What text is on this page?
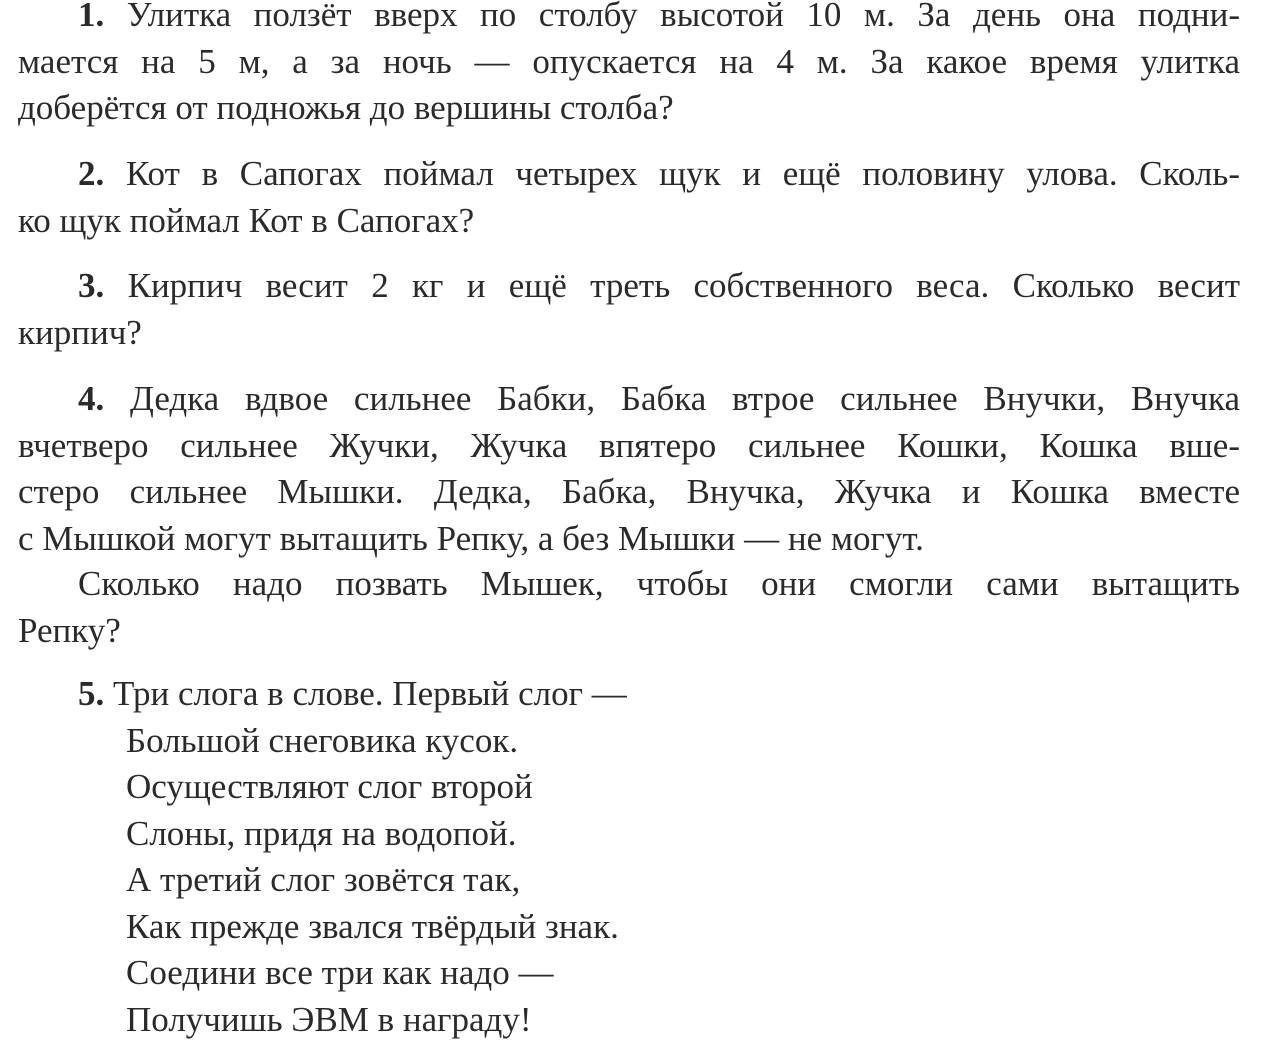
1. Улитка ползёт вверх по столбу высотой 10 м. За день она подни-
мается на 5 м, а за ночь — опускается на 4 м. За какое время улитка
доберётся от подножья до вершины столба?
2. Кот в Сапогах поймал четырех щук и ещё половину улова. Сколь-
ко щук поймал Кот в Сапогах?
3. Кирпич весит 2 кг и ещё треть собственного веса. Сколько весит
кирпич?
4. Дедка вдвое сильнее Бабки, Бабка втрое сильнее Внучки, Внучка
вчетверо сильнее Жучки, Жучка впятеро сильнее Кошки, Кошка вше-
стеро сильнее Мышки. Дедка, Бабка, Внучка, Жучка и Кошка вместе
с Мышкой могут вытащить Репку, а без Мышки — не могут.
Сколько надо позвать Мышек, чтобы они смогли сами вытащить
Репку?
5. Три слога в слове. Первый слог —
Большой снеговика кусок.
Осуществляют слог второй
Слоны, придя на водопой.
А третий слог зовётся так,
Как прежде звался твёрдый знак.
Соедини все три как надо —
Получишь ЭВМ в награду!
